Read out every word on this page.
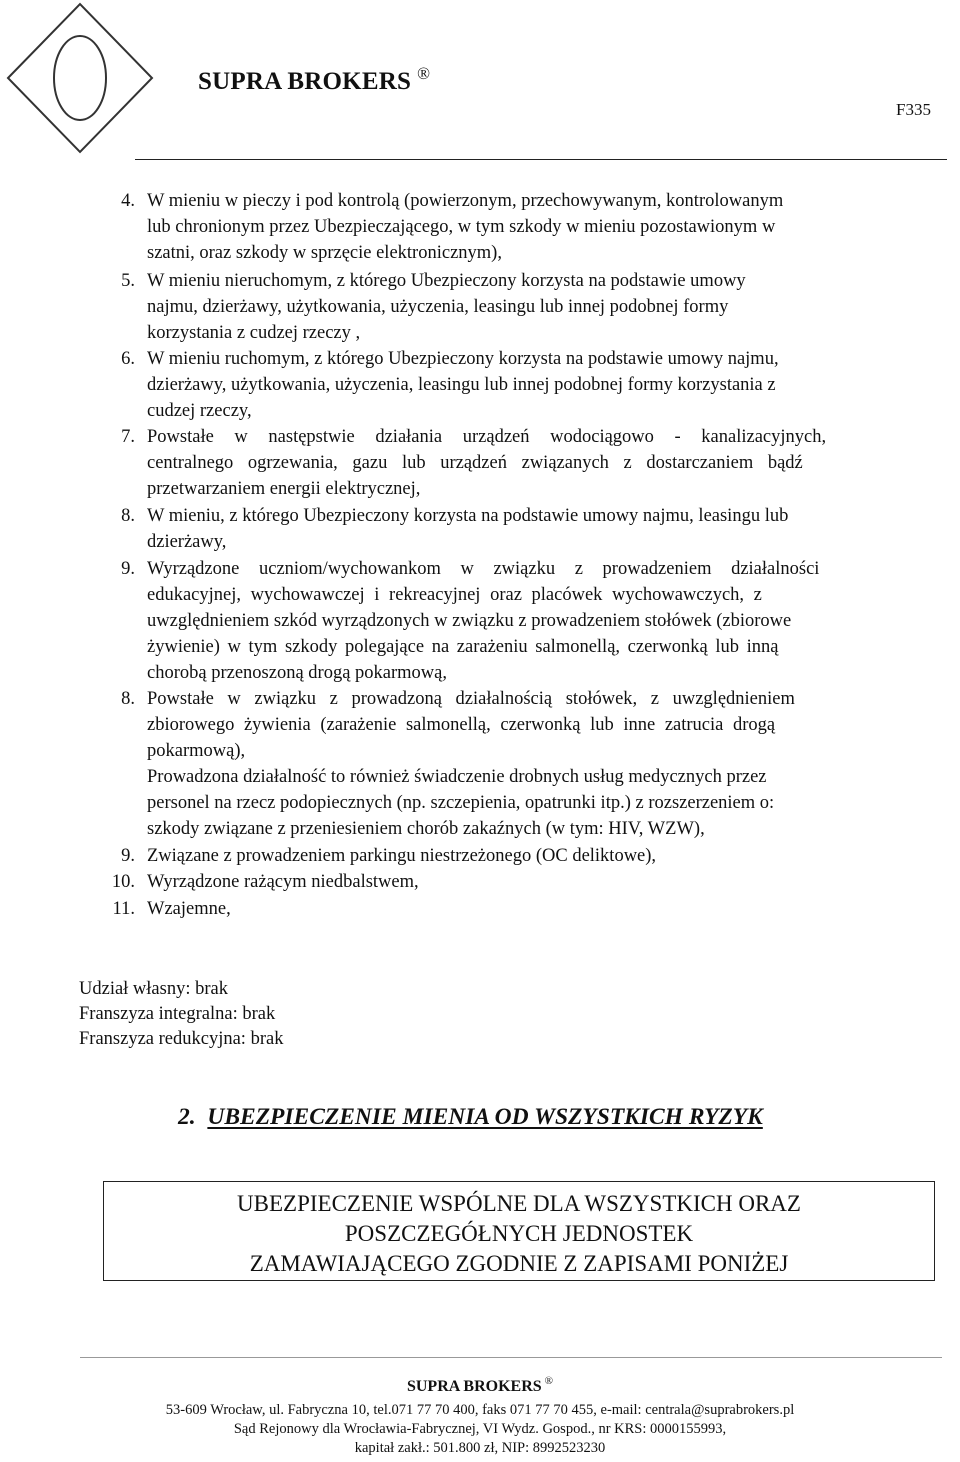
SUPRA BROKERS ®
F335
4. W mieniu w pieczy i pod kontrolą (powierzonym, przechowywanym, kontrolowanym
lub chronionym przez Ubezpieczającego, w tym szkody w mieniu pozostawionym w
szatni, oraz szkody w sprzęcie elektronicznym),
5. W mieniu nieruchomym, z którego Ubezpieczony korzysta na podstawie umowy
najmu, dzierżawy, użytkowania, użyczenia, leasingu lub innej podobnej formy
korzystania z cudzej rzeczy ,
6. W mieniu ruchomym, z którego Ubezpieczony korzysta na podstawie umowy najmu,
dzierżawy, użytkowania, użyczenia, leasingu lub innej podobnej formy korzystania z
cudzej rzeczy,
7. Powstałe w następstwie działania urządzeń wodociągowo - kanalizacyjnych,
centralnego ogrzewania, gazu lub urządzeń związanych z dostarczaniem bądź
przetwarzaniem energii elektrycznej,
8. W mieniu, z którego Ubezpieczony korzysta na podstawie umowy najmu, leasingu lub
dzierżawy,
9. Wyrządzone uczniom/wychowankom w związku z prowadzeniem działalności
edukacyjnej, wychowawczej i rekreacyjnej oraz placówek wychowawczych, z
uwzględnieniem szkód wyrządzonych w związku z prowadzeniem stołówek (zbiorowe
żywienie) w tym szkody polegające na zarażeniu salmonellą, czerwonką lub inną
chorobą przenoszoną drogą pokarmową,
8. Powstałe w związku z prowadzoną działalnością stołówek, z uwzględnieniem
zbiorowego żywienia (zarażenie salmonellą, czerwonką lub inne zatrucia drogą
pokarmową),
Prowadzona działalność to również świadczenie drobnych usług medycznych przez
personel na rzecz podopiecznych (np. szczepienia, opatrunki itp.) z rozszerzeniem o:
szkody związane z przeniesieniem chorób zakaźnych (w tym: HIV, WZW),
9. Związane z prowadzeniem parkingu niestrzeżonego (OC deliktowe),
10. Wyrządzone rażącym niedbalstwem,
11. Wzajemne,
Udział własny: brak
Franszyza integralna: brak
Franszyza redukcyjna: brak
2. UBEZPIECZENIE MIENIA OD WSZYSTKICH RYZYK
UBEZPIECZENIE WSPÓLNE DLA WSZYSTKICH ORAZ
POSZCZEGÓŁNYCH JEDNOSTEK
ZAMAWIAJĄCEGO ZGODNIE Z ZAPISAMI PONIŻEJ
SUPRA BROKERS ®
53-609 Wrocław, ul. Fabryczna 10, tel.071 77 70 400, faks 071 77 70 455, e-mail: centrala@suprabrokers.pl
Sąd Rejonowy dla Wrocławia-Fabrycznej, VI Wydz. Gospod., nr KRS: 0000155993,
kapitał zakł.: 501.800 zł, NIP: 8992523230
